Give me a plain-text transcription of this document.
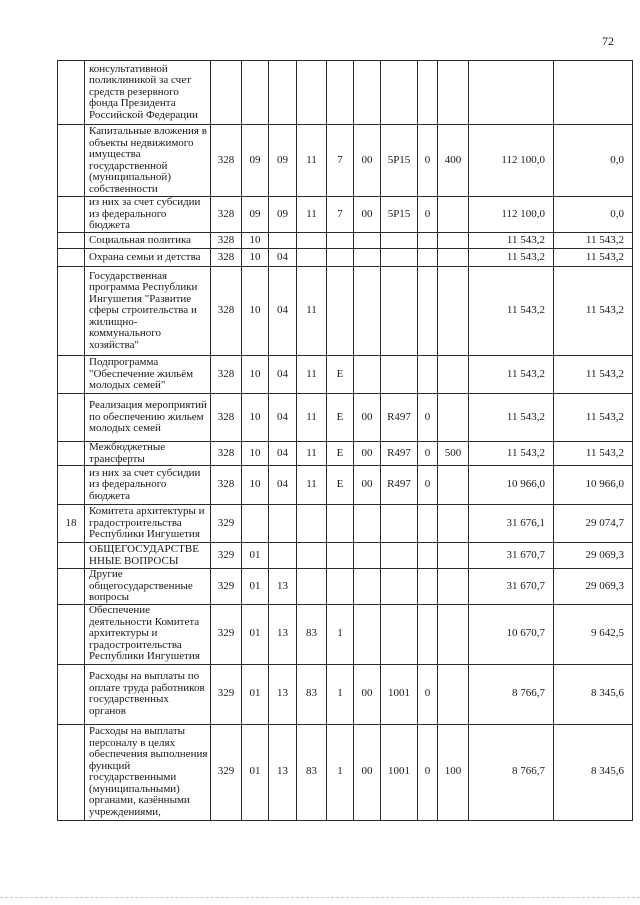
72
	консультативной поликлиникой за счет средств резервного фонда Президента Российской Федерации											
	Капитальные вложения в объекты недвижимого имущества государственной (муниципальной) собственности	328	09	09	11	7	00	5Р15	0	400	112 100,0	0,0
	из них за счет субсидии из федерального бюджета	328	09	09	11	7	00	5Р15	0		112 100,0	0,0
	Социальная политика	328	10								11 543,2	11 543,2
	Охрана семьи и детства	328	10	04							11 543,2	11 543,2
	Государственная программа Республики Ингушетия "Развитие сферы строительства и жилищно-коммунального хозяйства"	328	10	04	11						11 543,2	11 543,2
	Подпрограмма "Обеспечение жильём молодых семей"	328	10	04	11	Е					11 543,2	11 543,2
	Реализация мероприятий по обеспечению жильем молодых семей	328	10	04	11	Е	00	R497	0		11 543,2	11 543,2
	Межбюджетные трансферты	328	10	04	11	Е	00	R497	0	500	11 543,2	11 543,2
	из них за счет субсидии из федерального бюджета	328	10	04	11	Е	00	R497	0		10 966,0	10 966,0
18	Комитета архитектуры и градостроительства Республики Ингушетия	329									31 676,1	29 074,7
	ОБЩЕГОСУДАРСТВЕ ННЫЕ ВОПРОСЫ	329	01								31 670,7	29 069,3
	Другие общегосударственные вопросы	329	01	13							31 670,7	29 069,3
	Обеспечение деятельности Комитета архитектуры и градостроительства Республики Ингушетия	329	01	13	83	1					10 670,7	9 642,5
	Расходы на выплаты по оплате труда работников государственных органов	329	01	13	83	1	00	1001	0		8 766,7	8 345,6
	Расходы на выплаты персоналу в целях обеспечения выполнения функций государственными (муниципальными) органами, казёнными учреждениями,	329	01	13	83	1	00	1001	0	100	8 766,7	8 345,6
